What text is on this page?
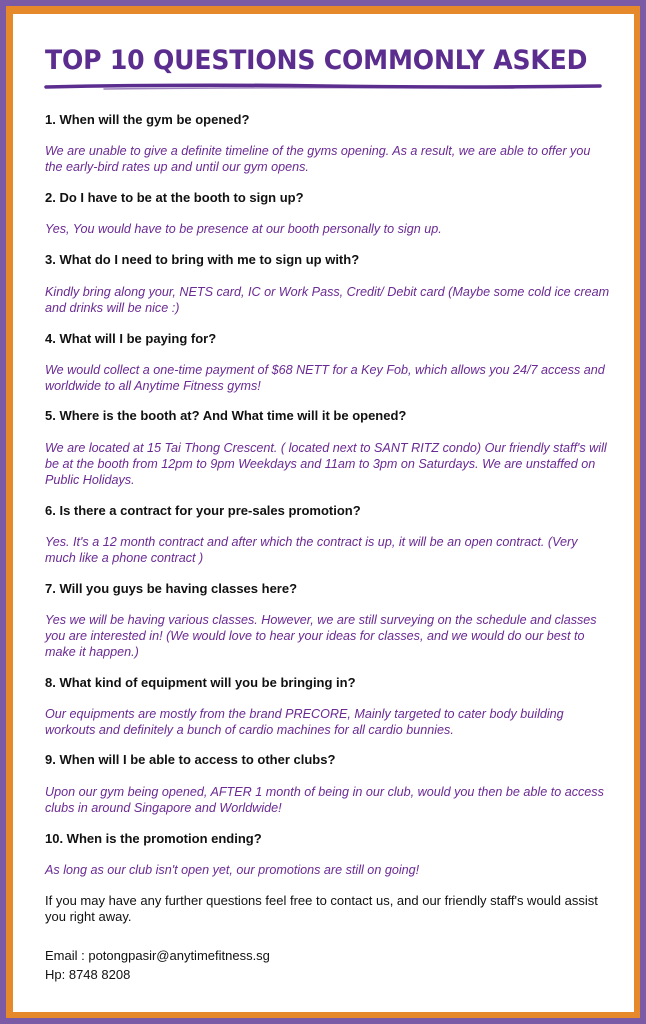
TOP 10 QUESTIONS COMMONLY ASKED

1. When will the gym be opened?

We are unable to give a definite timeline of the gyms opening. As a result, we are able to offer you the early-bird rates up and until our gym opens.

2. Do I have to be at the booth to sign up?

Yes, You would have to be presence at our booth personally to sign up.

3. What do I need to bring with me to sign up with?

Kindly bring along your, NETS card, IC or Work Pass, Credit/ Debit card (Maybe some cold ice cream and drinks will be nice :)

4. What will I be paying for?

We would collect a one-time payment of $68 NETT for a Key Fob, which allows you 24/7 access and worldwide to all Anytime Fitness gyms!

5. Where is the booth at? And What time will it be opened?

We are located at 15 Tai Thong Crescent. ( located next to SANT RITZ condo) Our friendly staff's will be at the booth from 12pm to 9pm Weekdays and 11am to 3pm on Saturdays. We are unstaffed on Public Holidays.

6. Is there a contract for your pre-sales promotion?

Yes. It's a 12 month contract and after which the contract is up, it will be an open contract. (Very much like a phone contract )

7. Will you guys be having classes here?

Yes we will be having various classes. However, we are still surveying on the schedule and classes you are interested in! (We would love to hear your ideas for classes, and we would do our best to make it happen.)

8. What kind of equipment will you be bringing in?

Our equipments are mostly from the brand PRECORE, Mainly targeted to cater body building workouts and definitely a bunch of cardio machines for all cardio bunnies.

9. When will I be able to access to other clubs?

Upon our gym being opened, AFTER 1 month of being in our club, would you then be able to access clubs in around Singapore and Worldwide!

10. When is the promotion ending?

As long as our club isn't open yet, our promotions are still on going!

If you may have any further questions feel free to contact us, and our friendly staff's would assist you right away.

Email : potongpasir@anytimefitness.sg

Hp: 8748 8208
